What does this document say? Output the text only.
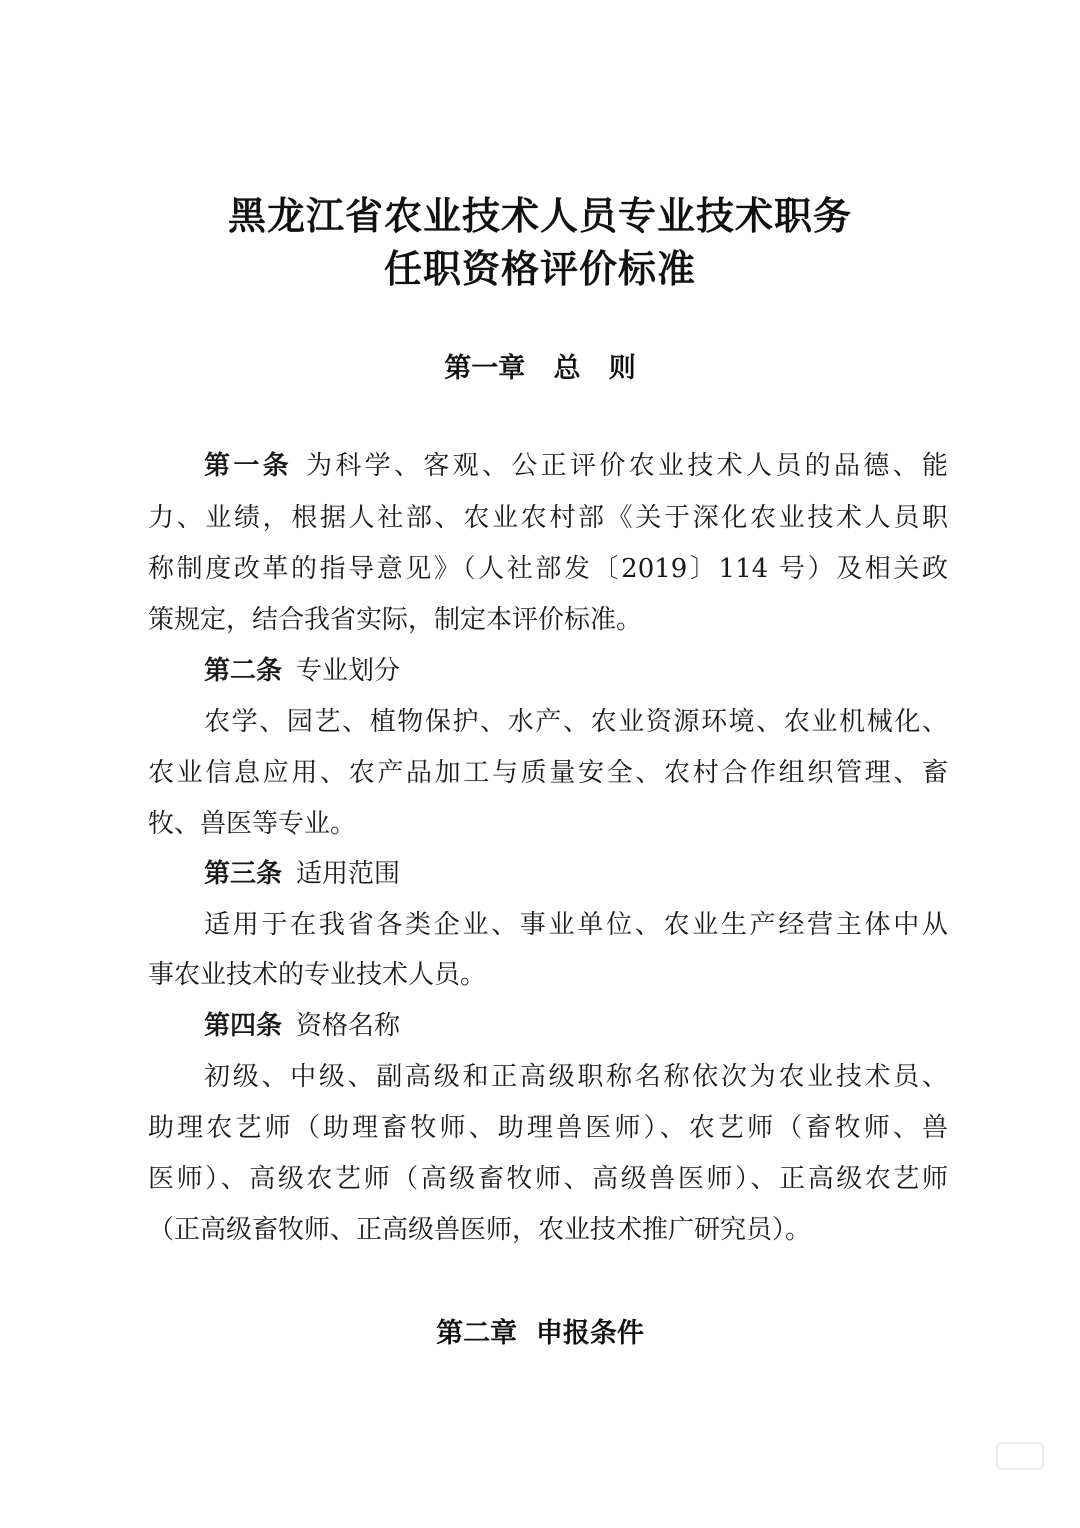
黑龙江省农业技术人员专业技术职务
任职资格评价标准
第一章   总   则
第一条 为科学、客观、公正评价农业技术人员的品德、能
力、业绩，根据人社部、农业农村部《关于深化农业技术人员职
称制度改革的指导意见》（人社部发〔2019〕114 号）及相关政
策规定，结合我省实际，制定本评价标准。
第二条 专业划分
农学、园艺、植物保护、水产、农业资源环境、农业机械化、
农业信息应用、农产品加工与质量安全、农村合作组织管理、畜
牧、兽医等专业。
第三条 适用范围
适用于在我省各类企业、事业单位、农业生产经营主体中从
事农业技术的专业技术人员。
第四条 资格名称
初级、中级、副高级和正高级职称名称依次为农业技术员、
助理农艺师（助理畜牧师、助理兽医师）、农艺师（畜牧师、兽
医师）、高级农艺师（高级畜牧师、高级兽医师）、正高级农艺师
（正高级畜牧师、正高级兽医师，农业技术推广研究员）。
第二章  申报条件
